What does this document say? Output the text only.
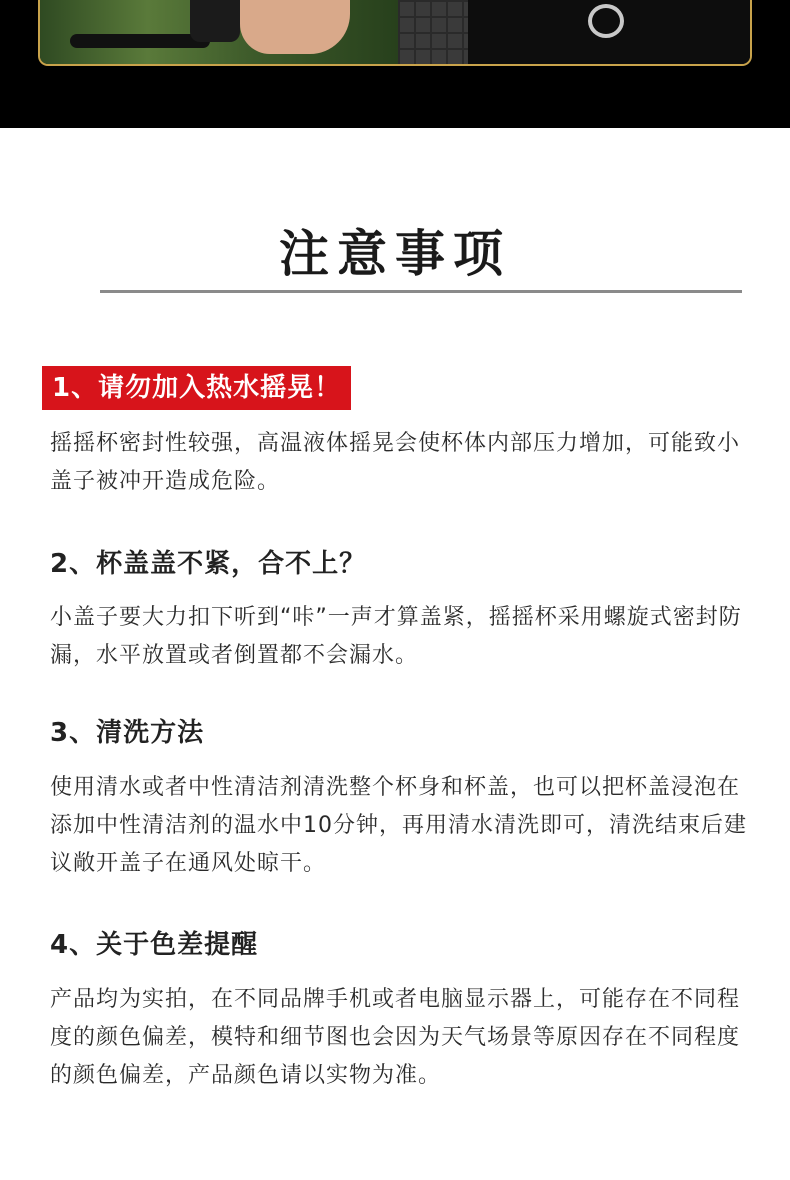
注意事项
1、请勿加入热水摇晃！

摇摇杯密封性较强，高温液体摇晃会使杯体内部压力增加，可能致小盖子被冲开造成危险。

2、杯盖盖不紧，合不上？

小盖子要大力扣下听到“咔”一声才算盖紧，摇摇杯采用螺旋式密封防漏，水平放置或者倒置都不会漏水。

3、清洗方法

使用清水或者中性清洁剂清洗整个杯身和杯盖，也可以把杯盖浸泡在添加中性清洁剂的温水中10分钟，再用清水清洗即可，清洗结束后建议敞开盖子在通风处晾干。

4、关于色差提醒

产品均为实拍，在不同品牌手机或者电脑显示器上，可能存在不同程度的颜色偏差，模特和细节图也会因为天气场景等原因存在不同程度的颜色偏差，产品颜色请以实物为准。
